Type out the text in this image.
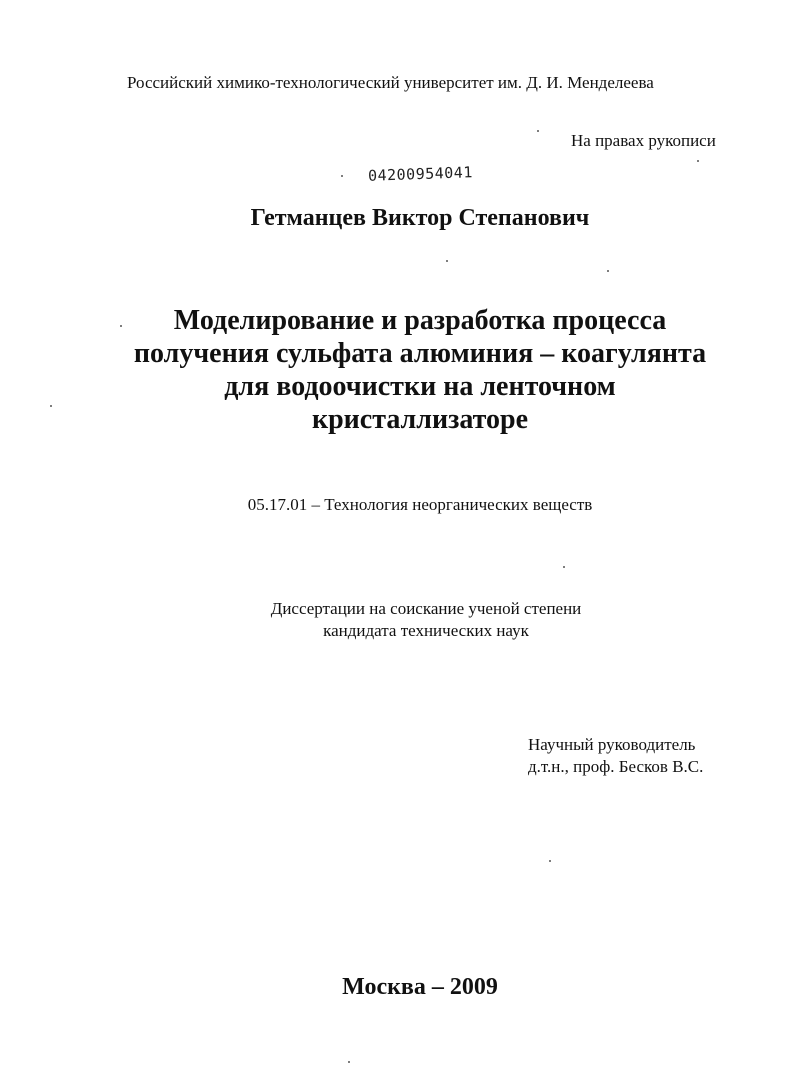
Российский химико-технологический университет им. Д. И. Менделеева
На правах рукописи
04200954041
Гетманцев Виктор Степанович
Моделирование и разработка процесса
получения сульфата алюминия – коагулянта
для водоочистки на ленточном
кристаллизаторе
05.17.01 – Технология неорганических веществ
Диссертации на соискание ученой степени
кандидата технических наук
Научный руководитель
д.т.н., проф. Бесков В.С.
Москва – 2009
